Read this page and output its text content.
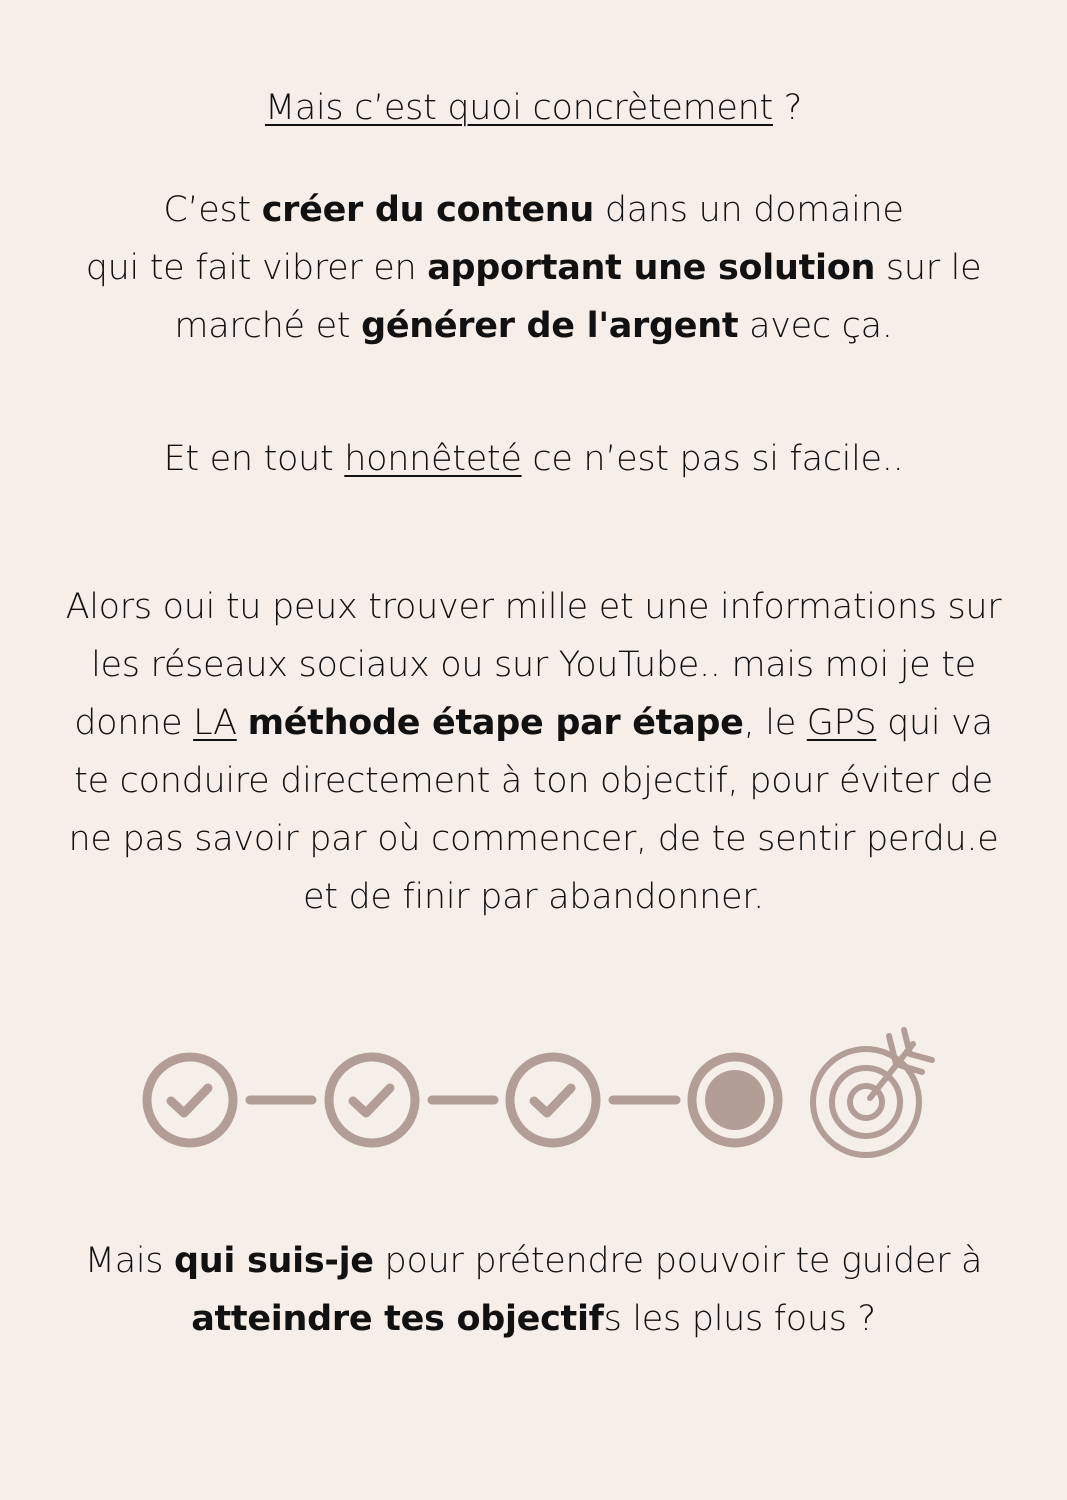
Mais c’est quoi concrètement ?
C’est créer du contenu dans un domaine
qui te fait vibrer en apportant une solution sur le
marché et générer de l'argent avec ça.
Et en tout honnêteté ce n’est pas si facile..
Alors oui tu peux trouver mille et une informations sur
les réseaux sociaux ou sur YouTube.. mais moi je te
donne LA méthode étape par étape, le GPS qui va
te conduire directement à ton objectif, pour éviter de
ne pas savoir par où commencer, de te sentir perdu.e
et de finir par abandonner.
Mais qui suis-je pour prétendre pouvoir te guider à
atteindre tes objectifs les plus fous ?
